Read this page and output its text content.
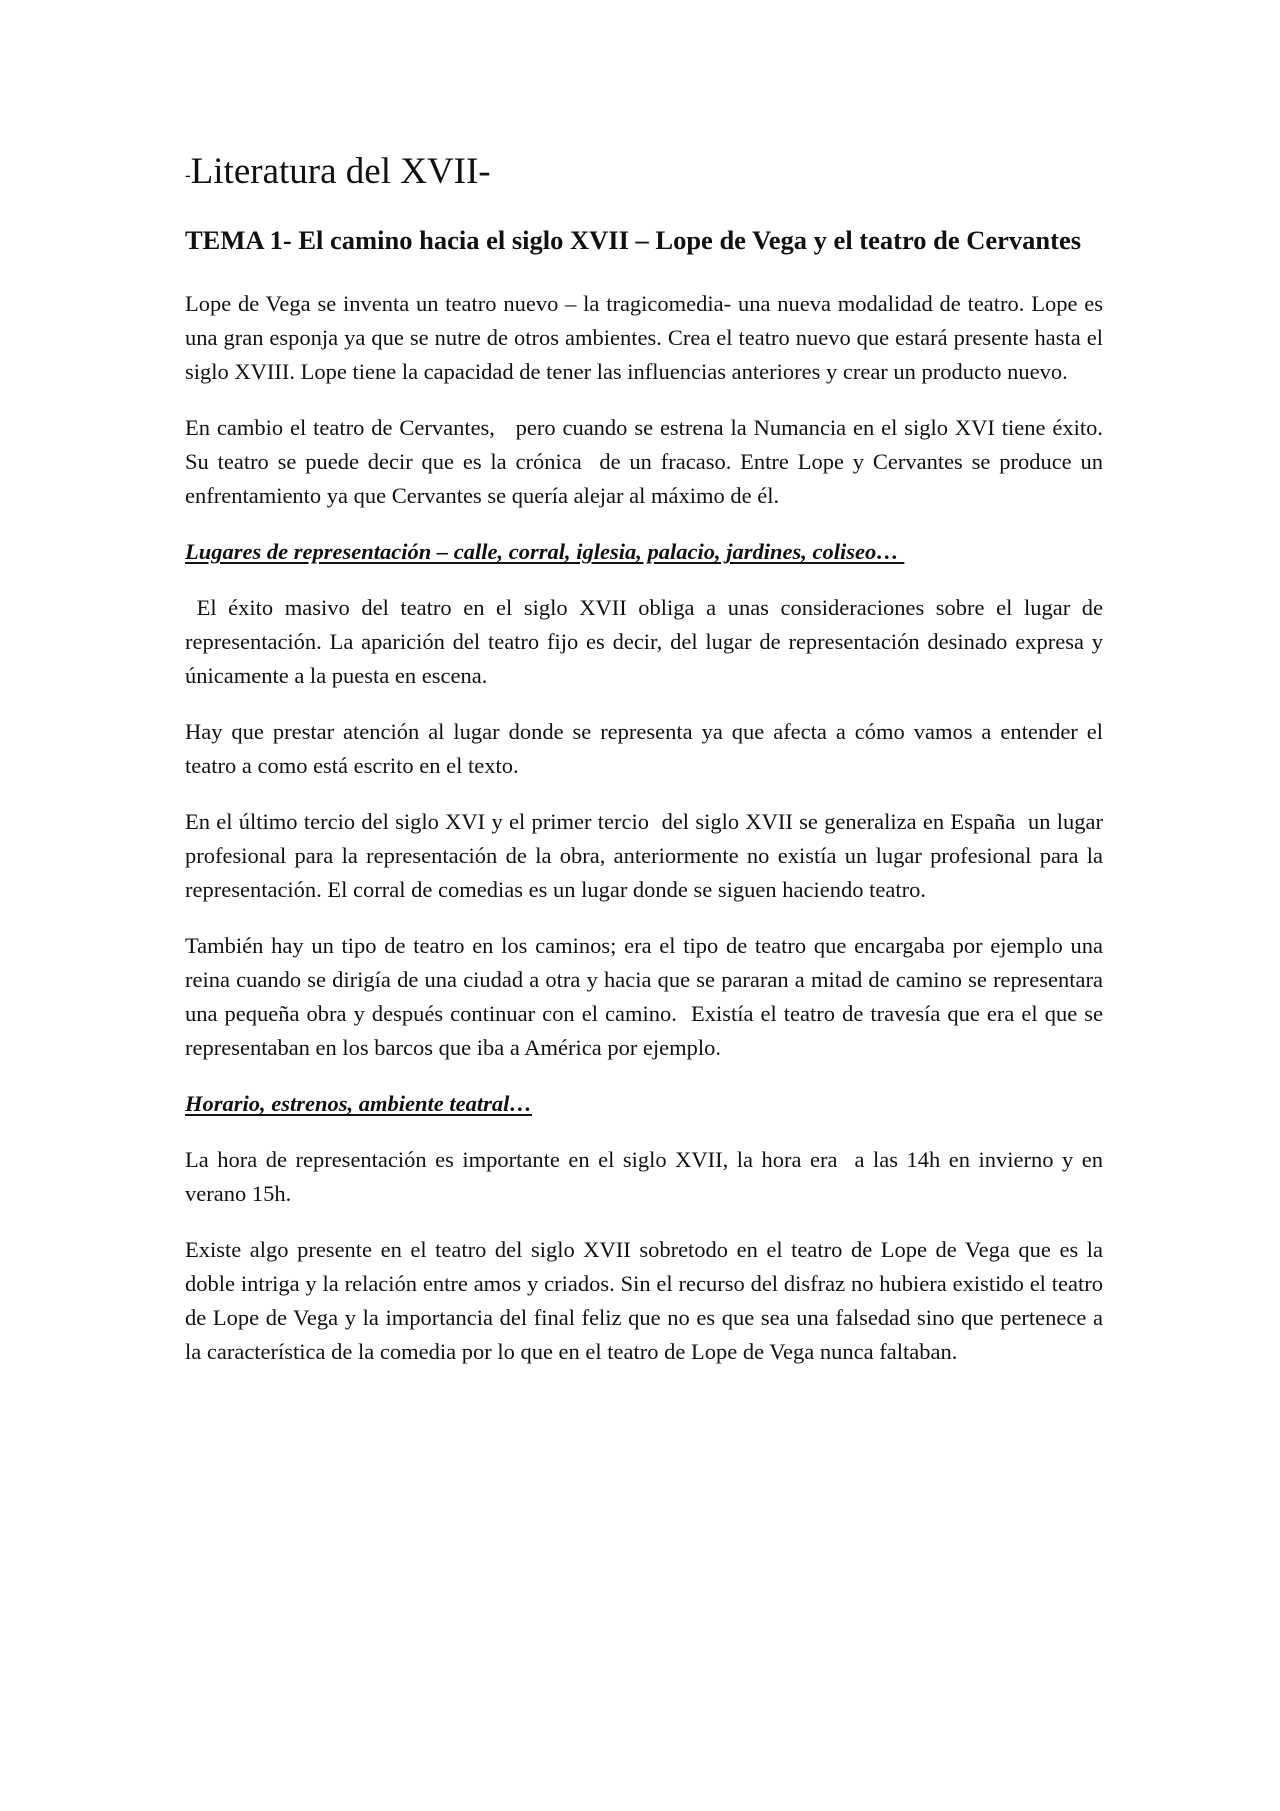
-Literatura del XVII-
TEMA 1- El camino hacia el siglo XVII – Lope de Vega y el teatro de Cervantes

Lope de Vega se inventa un teatro nuevo – la tragicomedia- una nueva modalidad de teatro. Lope es una gran esponja ya que se nutre de otros ambientes. Crea el teatro nuevo que estará presente hasta el siglo XVIII. Lope tiene la capacidad de tener las influencias anteriores y crear un producto nuevo.

En cambio el teatro de Cervantes,   pero cuando se estrena la Numancia en el siglo XVI tiene éxito.  Su teatro se puede decir que es la crónica  de un fracaso. Entre Lope y Cervantes se produce un enfrentamiento ya que Cervantes se quería alejar al máximo de él.

Lugares de representación – calle, corral, iglesia, palacio, jardines, coliseo…

El éxito masivo del teatro en el siglo XVII obliga a unas consideraciones sobre el lugar de representación. La aparición del teatro fijo es decir, del lugar de representación desinado expresa y únicamente a la puesta en escena.

Hay que prestar atención al lugar donde se representa ya que afecta a cómo vamos a entender el teatro a como está escrito en el texto.

En el último tercio del siglo XVI y el primer tercio  del siglo XVII se generaliza en España  un lugar profesional para la representación de la obra, anteriormente no existía un lugar profesional para la representación. El corral de comedias es un lugar donde se siguen haciendo teatro.

También hay un tipo de teatro en los caminos; era el tipo de teatro que encargaba por ejemplo una reina cuando se dirigía de una ciudad a otra y hacia que se pararan a mitad de camino se representara una pequeña obra y después continuar con el camino.  Existía el teatro de travesía que era el que se representaban en los barcos que iba a América por ejemplo.

Horario, estrenos, ambiente teatral…

La hora de representación es importante en el siglo XVII, la hora era  a las 14h en invierno y en verano 15h.

Existe algo presente en el teatro del siglo XVII sobretodo en el teatro de Lope de Vega que es la doble intriga y la relación entre amos y criados. Sin el recurso del disfraz no hubiera existido el teatro de Lope de Vega y la importancia del final feliz que no es que sea una falsedad sino que pertenece a la característica de la comedia por lo que en el teatro de Lope de Vega nunca faltaban.
